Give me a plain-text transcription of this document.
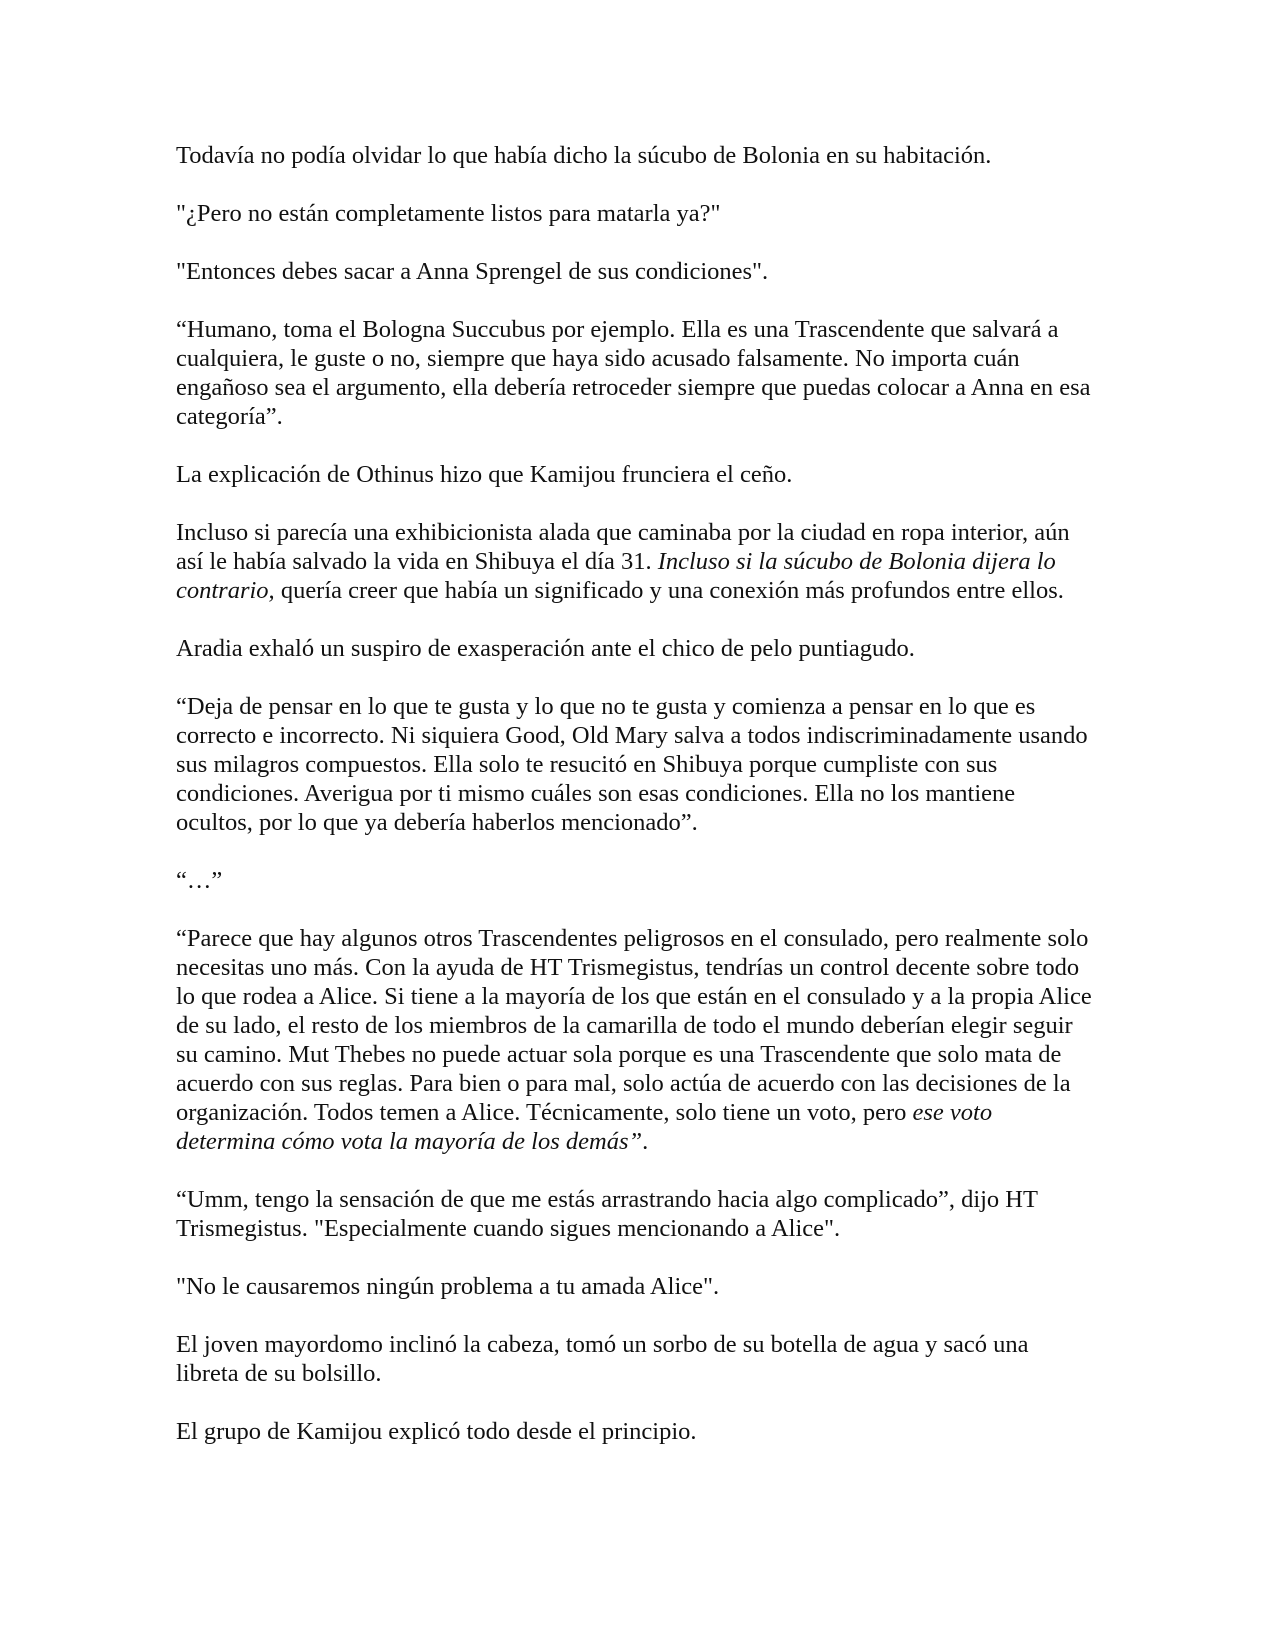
Todavía no podía olvidar lo que había dicho la súcubo de Bolonia en su habitación.

"¿Pero no están completamente listos para matarla ya?"

"Entonces debes sacar a Anna Sprengel de sus condiciones".

“Humano, toma el Bologna Succubus por ejemplo. Ella es una Trascendente que salvará a cualquiera, le guste o no, siempre que haya sido acusado falsamente. No importa cuán engañoso sea el argumento, ella debería retroceder siempre que puedas colocar a Anna en esa categoría”.

La explicación de Othinus hizo que Kamijou frunciera el ceño.

Incluso si parecía una exhibicionista alada que caminaba por la ciudad en ropa interior, aún así le había salvado la vida en Shibuya el día 31. Incluso si la súcubo de Bolonia dijera lo contrario, quería creer que había un significado y una conexión más profundos entre ellos.

Aradia exhaló un suspiro de exasperación ante el chico de pelo puntiagudo.

“Deja de pensar en lo que te gusta y lo que no te gusta y comienza a pensar en lo que es correcto e incorrecto. Ni siquiera Good, Old Mary salva a todos indiscriminadamente usando sus milagros compuestos. Ella solo te resucitó en Shibuya porque cumpliste con sus condiciones. Averigua por ti mismo cuáles son esas condiciones. Ella no los mantiene ocultos, por lo que ya debería haberlos mencionado”.

“…”

“Parece que hay algunos otros Trascendentes peligrosos en el consulado, pero realmente solo necesitas uno más. Con la ayuda de HT Trismegistus, tendrías un control decente sobre todo lo que rodea a Alice. Si tiene a la mayoría de los que están en el consulado y a la propia Alice de su lado, el resto de los miembros de la camarilla de todo el mundo deberían elegir seguir su camino. Mut Thebes no puede actuar sola porque es una Trascendente que solo mata de acuerdo con sus reglas. Para bien o para mal, solo actúa de acuerdo con las decisiones de la organización. Todos temen a Alice. Técnicamente, solo tiene un voto, pero ese voto determina cómo vota la mayoría de los demás”.

“Umm, tengo la sensación de que me estás arrastrando hacia algo complicado”, dijo HT Trismegistus. "Especialmente cuando sigues mencionando a Alice".

"No le causaremos ningún problema a tu amada Alice".

El joven mayordomo inclinó la cabeza, tomó un sorbo de su botella de agua y sacó una libreta de su bolsillo.

El grupo de Kamijou explicó todo desde el principio.
